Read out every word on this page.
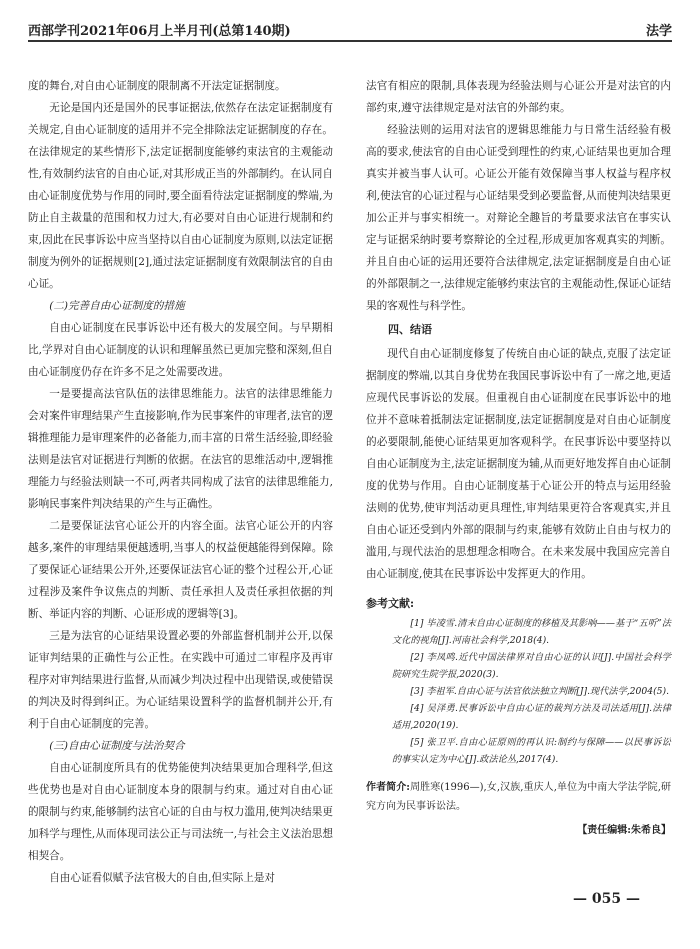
西部学刊2021年06月上半月刊(总第140期)	法学

度的舞台,对自由心证制度的限制离不开法定证据制度。

无论是国内还是国外的民事证据法,依然存在法定证据制度有关规定,自由心证制度的适用并不完全排除法定证据制度的存在。在法律规定的某些情形下,法定证据制度能够约束法官的主观能动性,有效制约法官的自由心证,对其形成正当的外部制约。在认同自由心证制度优势与作用的同时,要全面看待法定证据制度的弊端,为防止自主裁量的范围和权力过大,有必要对自由心证进行规制和约束,因此在民事诉讼中应当坚持以自由心证制度为原则,以法定证据制度为例外的证据规则[2],通过法定证据制度有效限制法官的自由心证。

(二)完善自由心证制度的措施

自由心证制度在民事诉讼中还有极大的发展空间。与早期相比,学界对自由心证制度的认识和理解虽然已更加完整和深刻,但自由心证制度仍存在许多不足之处需要改进。

一是要提高法官队伍的法律思维能力。法官的法律思维能力会对案件审理结果产生直接影响,作为民事案件的审理者,法官的逻辑推理能力是审理案件的必备能力,而丰富的日常生活经验,即经验法则是法官对证据进行判断的依据。在法官的思维活动中,逻辑推理能力与经验法则缺一不可,两者共同构成了法官的法律思维能力,影响民事案件判决结果的产生与正确性。

二是要保证法官心证公开的内容全面。法官心证公开的内容越多,案件的审理结果便越透明,当事人的权益便越能得到保障。除了要保证心证结果公开外,还要保证法官心证的整个过程公开,心证过程涉及案件争议焦点的判断、责任承担人及责任承担依据的判断、举证内容的判断、心证形成的逻辑等[3]。

三是为法官的心证结果设置必要的外部监督机制并公开,以保证审判结果的正确性与公正性。在实践中可通过二审程序及再审程序对审判结果进行监督,从而减少判决过程中出现错误,或使错误的判决及时得到纠正。为心证结果设置科学的监督机制并公开,有利于自由心证制度的完善。

(三)自由心证制度与法治契合

自由心证制度所具有的优势能使判决结果更加合理科学,但这些优势也是对自由心证制度本身的限制与约束。通过对自由心证的限制与约束,能够制约法官心证的自由与权力滥用,使判决结果更加科学与理性,从而体现司法公正与司法统一,与社会主义法治思想相契合。

自由心证看似赋予法官极大的自由,但实际上是对

法官有相应的限制,具体表现为经验法则与心证公开是对法官的内部约束,遵守法律规定是对法官的外部约束。

经验法则的运用对法官的逻辑思维能力与日常生活经验有极高的要求,使法官的自由心证受到理性的约束,心证结果也更加合理真实并被当事人认可。心证公开能有效保障当事人权益与程序权利,使法官的心证过程与心证结果受到必要监督,从而使判决结果更加公正并与事实相统一。对辩论全趣旨的考量要求法官在事实认定与证据采纳时要考察辩论的全过程,形成更加客观真实的判断。并且自由心证的运用还要符合法律规定,法定证据制度是自由心证的外部限制之一,法律规定能够约束法官的主观能动性,保证心证结果的客观性与科学性。

四、结语

现代自由心证制度修复了传统自由心证的缺点,克服了法定证据制度的弊端,以其自身优势在我国民事诉讼中有了一席之地,更适应现代民事诉讼的发展。但重视自由心证制度在民事诉讼中的地位并不意味着抵制法定证据制度,法定证据制度是对自由心证制度的必要限制,能使心证结果更加客观科学。在民事诉讼中要坚持以自由心证制度为主,法定证据制度为辅,从而更好地发挥自由心证制度的优势与作用。自由心证制度基于心证公开的特点与运用经验法则的优势,使审判活动更具理性,审判结果更符合客观真实,并且自由心证还受到内外部的限制与约束,能够有效防止自由与权力的滥用,与现代法治的思想理念相吻合。在未来发展中我国应完善自由心证制度,使其在民事诉讼中发挥更大的作用。

参考文献:

[1] 毕凌雪.清末自由心证制度的移植及其影响——基于“五听”法文化的视角[J].河南社会科学,2018(4).

[2] 李凤鸣.近代中国法律界对自由心证的认识[J].中国社会科学院研究生院学报,2020(3).

[3] 李祖军.自由心证与法官依法独立判断[J].现代法学,2004(5).

[4] 吴泽勇.民事诉讼中自由心证的裁判方法及司法适用[J].法律适用,2020(19).

[5] 张卫平.自由心证原则的再认识:制约与保障——以民事诉讼的事实认定为中心[J].政法论丛,2017(4).

作者简介:周胜寒(1996—),女,汉族,重庆人,单位为中南大学法学院,研究方向为民事诉讼法。
【责任编辑:朱希良】
— 055 —
